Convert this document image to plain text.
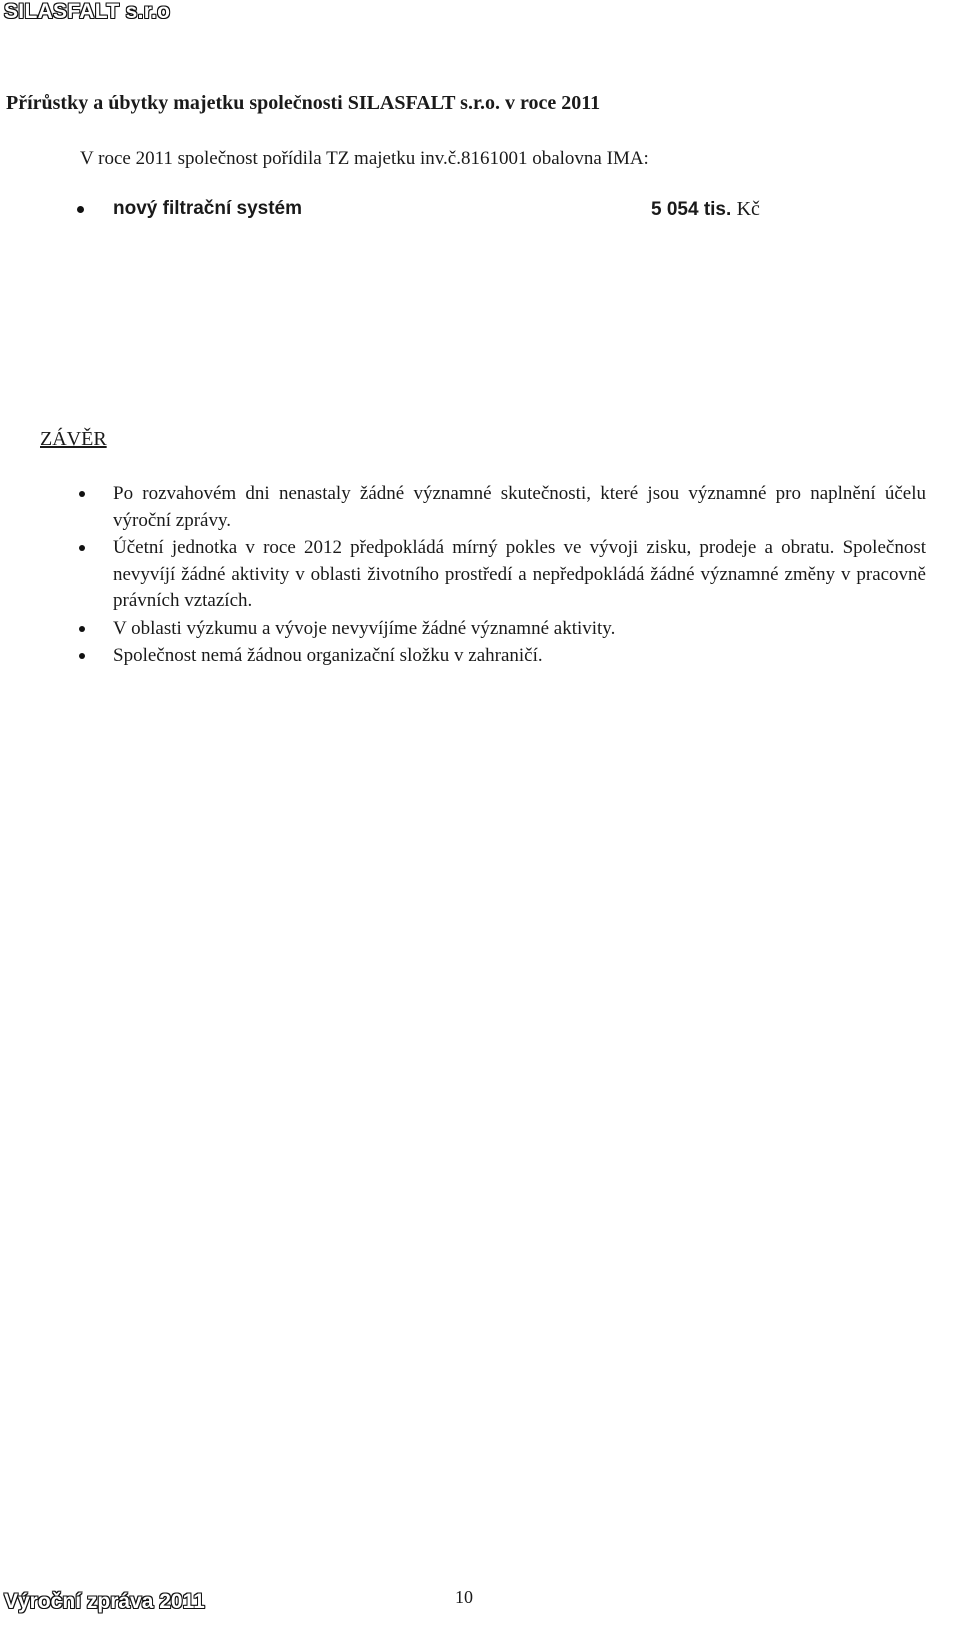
SILASFALT s.r.o
Přírůstky a úbytky majetku společnosti SILASFALT s.r.o. v roce 2011
V roce 2011 společnost pořídila TZ majetku inv.č.8161001 obalovna IMA:
nový filtrační systém	5 054 tis. Kč
ZÁVĚR
Po rozvahovém dni nenastaly žádné významné skutečnosti, které jsou významné pro naplnění účelu výroční zprávy.
Účetní jednotka v roce 2012 předpokládá mírný pokles ve vývoji zisku, prodeje a obratu. Společnost nevyvíjí žádné aktivity v oblasti životního prostředí a nepředpokládá žádné významné změny v pracovně právních vztazích.
V oblasti výzkumu a vývoje nevyvíjíme žádné významné aktivity.
Společnost nemá žádnou organizační složku v zahraničí.
Výroční zpráva 2011	10
